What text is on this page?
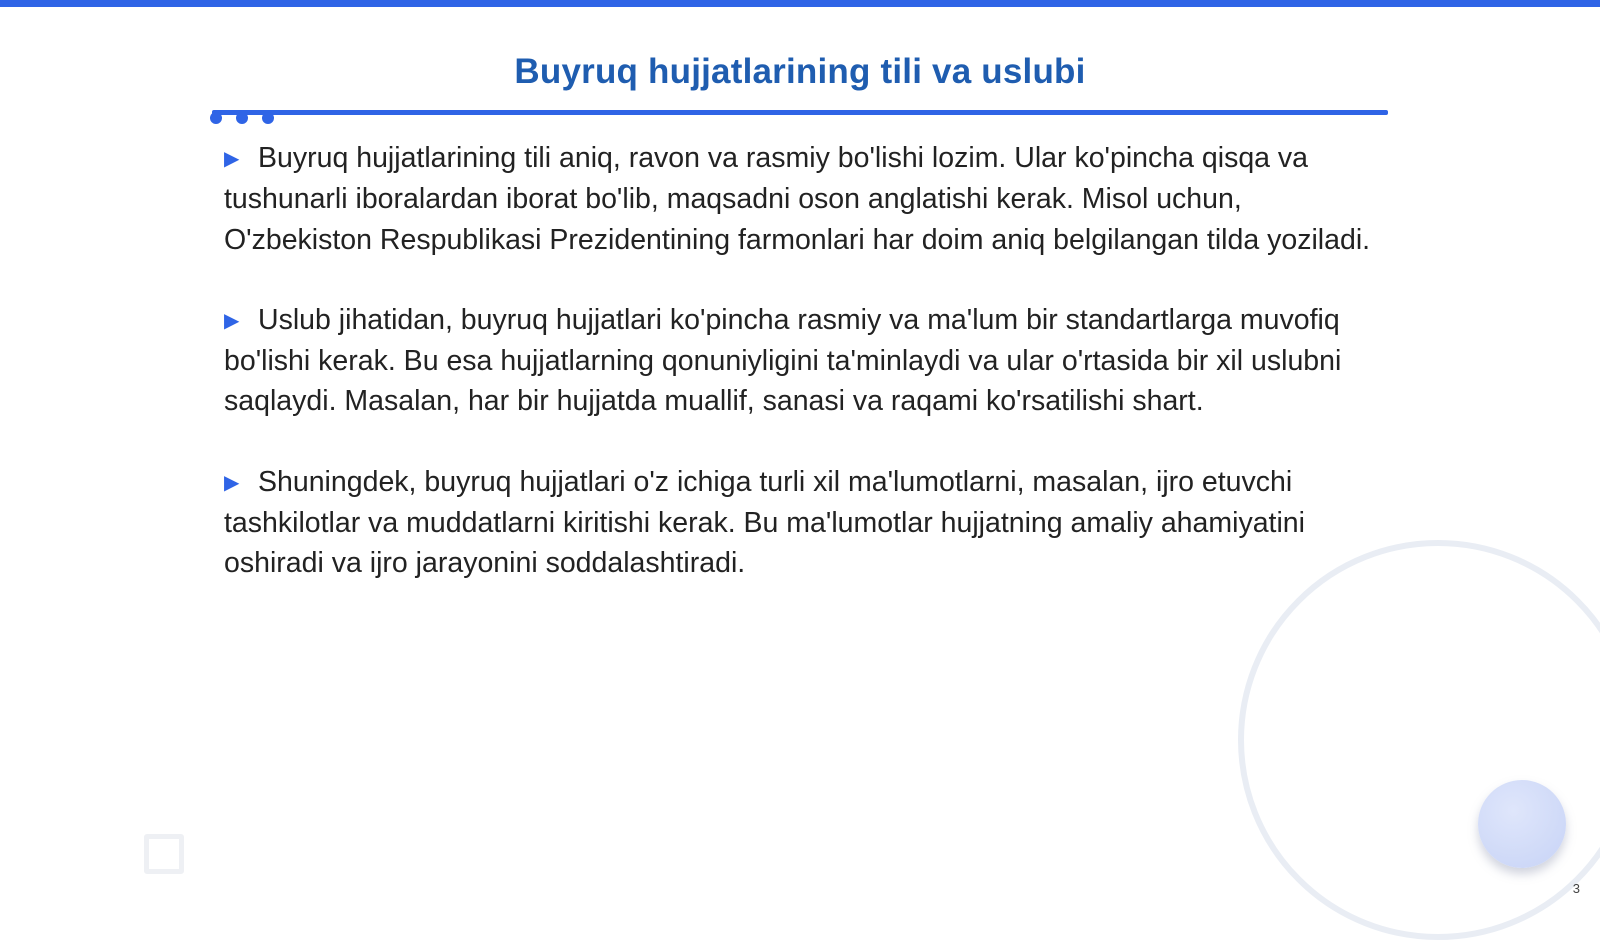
Buyruq hujjatlarining tili va uslubi

▶ Buyruq hujjatlarining tili aniq, ravon va rasmiy bo'lishi lozim. Ular ko'pincha qisqa va tushunarli iboralardan iborat bo'lib, maqsadni oson anglatishi kerak. Misol uchun, O'zbekiston Respublikasi Prezidentining farmonlari har doim aniq belgilangan tilda yoziladi.

▶ Uslub jihatidan, buyruq hujjatlari ko'pincha rasmiy va ma'lum bir standartlarga muvofiq bo'lishi kerak. Bu esa hujjatlarning qonuniyligini ta'minlaydi va ular o'rtasida bir xil uslubni saqlaydi. Masalan, har bir hujjatda muallif, sanasi va raqami ko'rsatilishi shart.

▶ Shuningdek, buyruq hujjatlari o'z ichiga turli xil ma'lumotlarni, masalan, ijro etuvchi tashkilotlar va muddatlarni kiritishi kerak. Bu ma'lumotlar hujjatning amaliy ahamiyatini oshiradi va ijro jarayonini soddalashtiradi.

3
